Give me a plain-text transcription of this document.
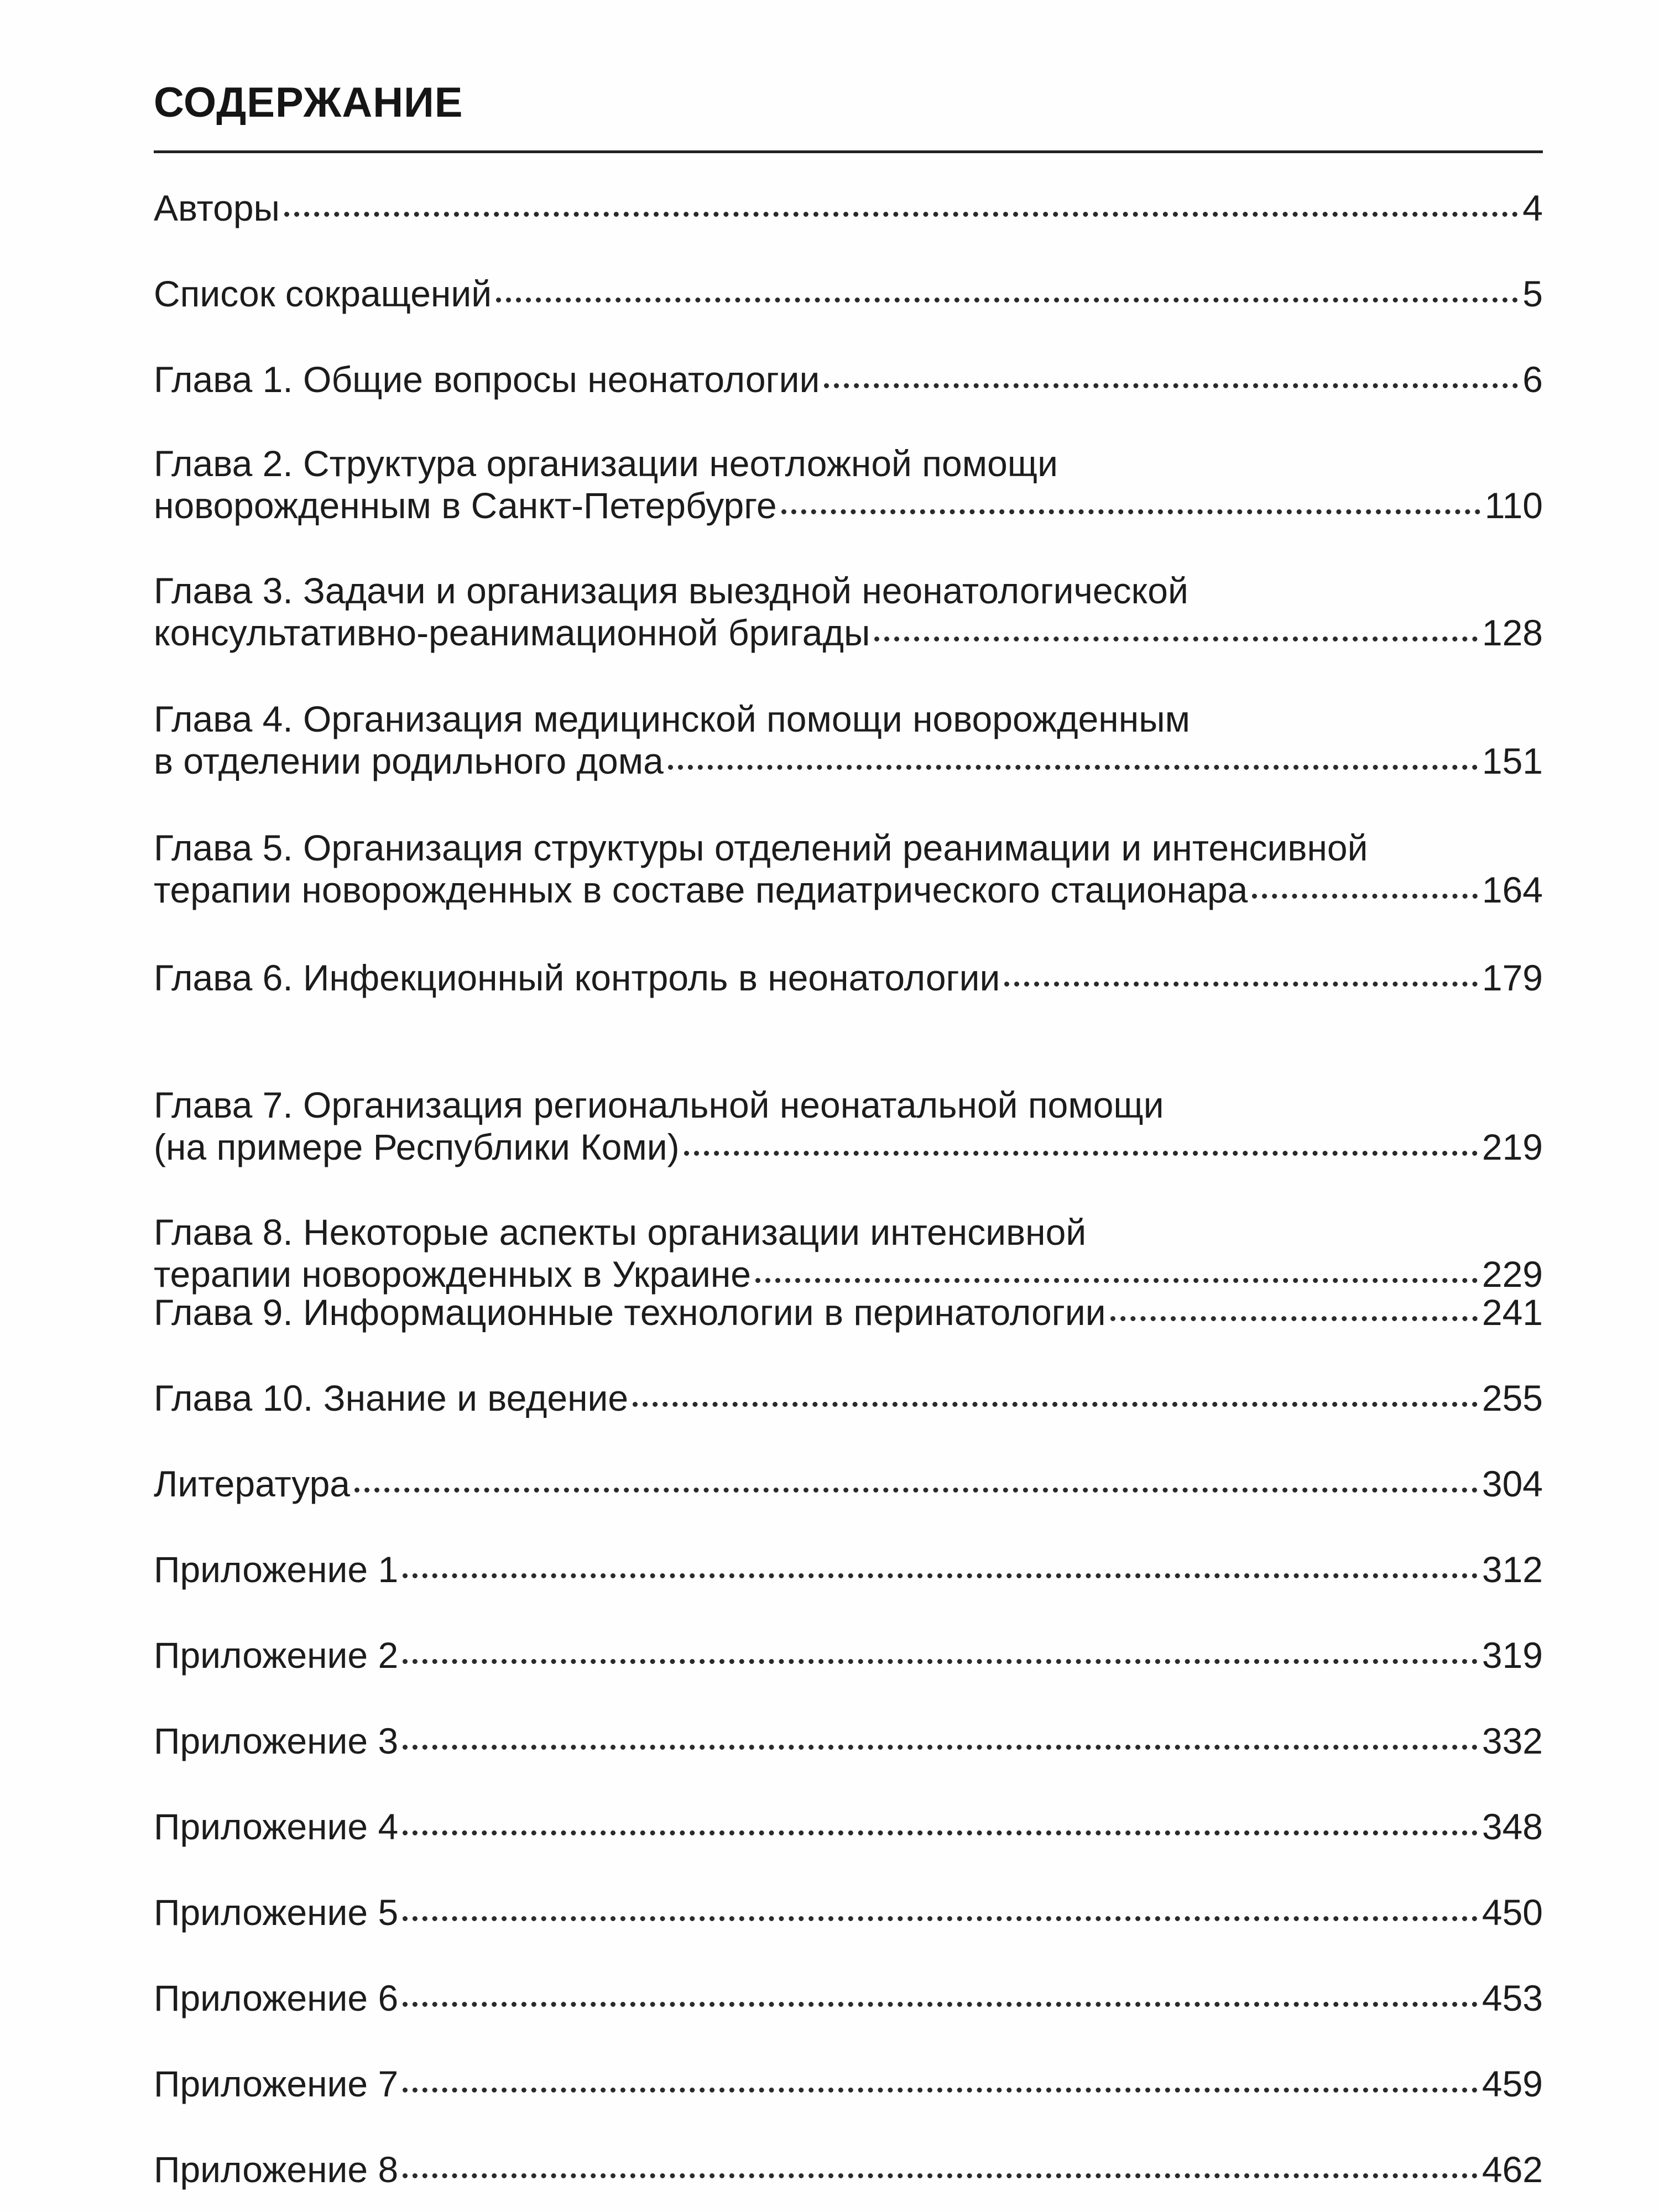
СОДЕРЖАНИЕ
Авторы	4
Список сокращений	5
Глава 1. Общие вопросы неонатологии	6
Глава 2. Структура организации неотложной помощи
новорожденным в Санкт-Петербурге	110
Глава 3. Задачи и организация выездной неонатологической
консультативно-реанимационной бригады	128
Глава 4. Организация медицинской помощи новорожденным
в отделении родильного дома	151
Глава 5. Организация структуры отделений реанимации и интенсивной
терапии новорожденных в составе педиатрического стационара	164
Глава 6. Инфекционный контроль в неонатологии	179
Глава 7. Организация региональной неонатальной помощи
(на примере Республики Коми)	219
Глава 8. Некоторые аспекты организации интенсивной
терапии новорожденных в Украине	229
Глава 9. Информационные технологии в перинатологии	241
Глава 10. Знание и ведение	255
Литература	304
Приложение 1	312
Приложение 2	319
Приложение 3	332
Приложение 4	348
Приложение 5	450
Приложение 6	453
Приложение 7	459
Приложение 8	462
